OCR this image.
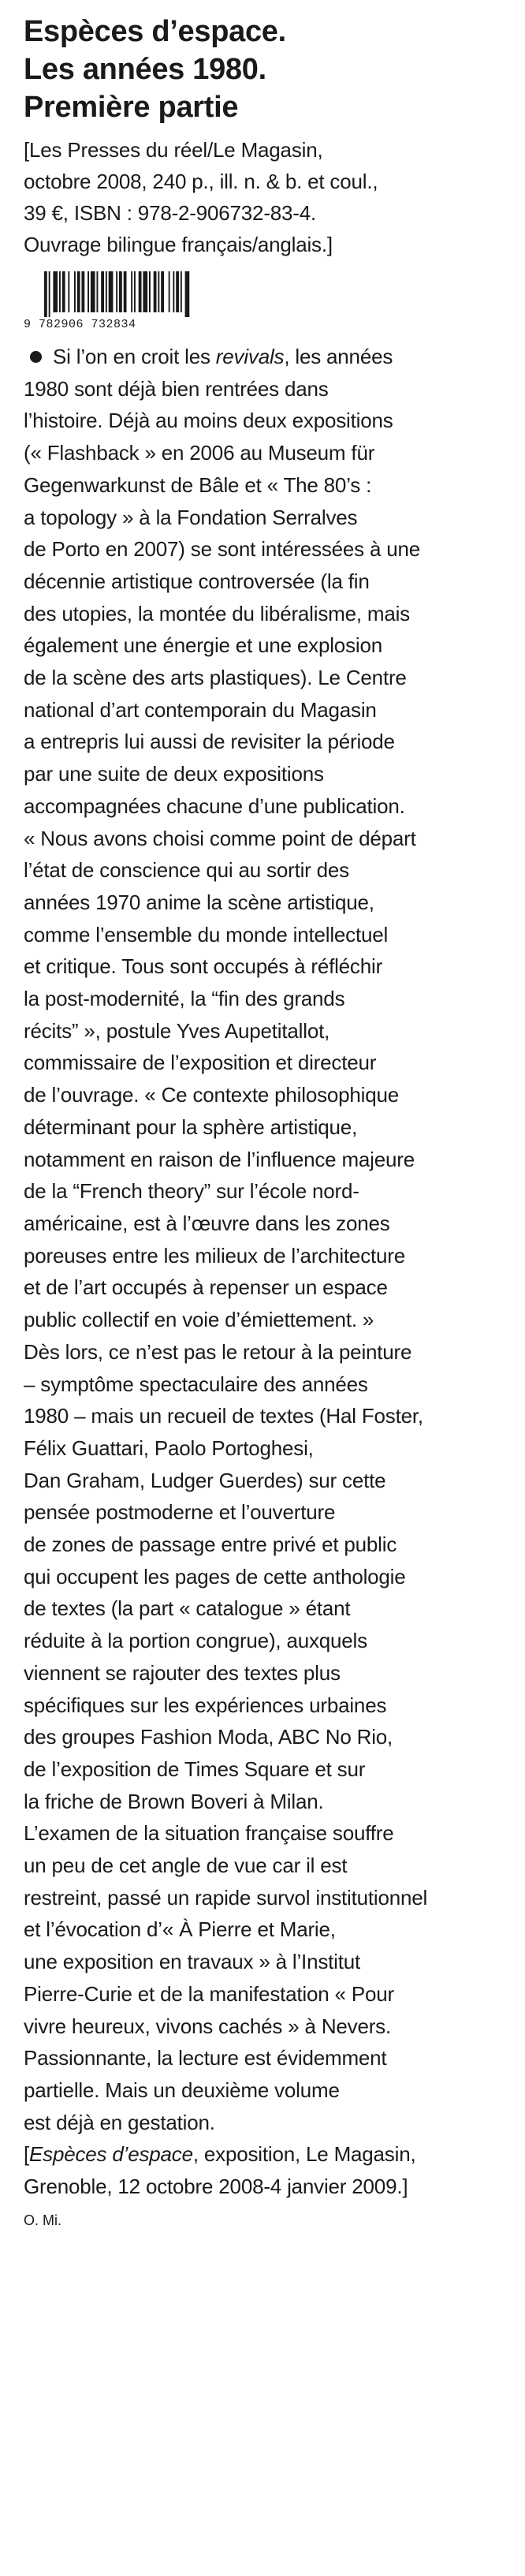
Espèces d’espace.
Les années 1980.
Première partie
[Les Presses du réel/Le Magasin,
octobre 2008, 240 p., ill. n. & b. et coul.,
39 €, ISBN : 978-2-906732-83-4.
Ouvrage bilingue français/anglais.]
9 782906 732834
Si l’on en croit les revivals, les années
1980 sont déjà bien rentrées dans
l’histoire. Déjà au moins deux expositions
(« Flashback » en 2006 au Museum für
Gegenwarkunst de Bâle et « The 80’s :
a topology » à la Fondation Serralves
de Porto en 2007) se sont intéressées à une
décennie artistique controversée (la fin
des utopies, la montée du libéralisme, mais
également une énergie et une explosion
de la scène des arts plastiques). Le Centre
national d’art contemporain du Magasin
a entrepris lui aussi de revisiter la période
par une suite de deux expositions
accompagnées chacune d’une publication.
« Nous avons choisi comme point de départ
l’état de conscience qui au sortir des
années 1970 anime la scène artistique,
comme l’ensemble du monde intellectuel
et critique. Tous sont occupés à réfléchir
la post-modernité, la “fin des grands
récits” », postule Yves Aupetitallot,
commissaire de l’exposition et directeur
de l’ouvrage. « Ce contexte philosophique
déterminant pour la sphère artistique,
notamment en raison de l’influence majeure
de la “French theory” sur l’école nord-
américaine, est à l’œuvre dans les zones
poreuses entre les milieux de l’architecture
et de l’art occupés à repenser un espace
public collectif en voie d’émiettement. »
Dès lors, ce n’est pas le retour à la peinture
– symptôme spectaculaire des années
1980 – mais un recueil de textes (Hal Foster,
Félix Guattari, Paolo Portoghesi,
Dan Graham, Ludger Guerdes) sur cette
pensée postmoderne et l’ouverture
de zones de passage entre privé et public
qui occupent les pages de cette anthologie
de textes (la part « catalogue » étant
réduite à la portion congrue), auxquels
viennent se rajouter des textes plus
spécifiques sur les expériences urbaines
des groupes Fashion Moda, ABC No Rio,
de l’exposition de Times Square et sur
la friche de Brown Boveri à Milan.
L’examen de la situation française souffre
un peu de cet angle de vue car il est
restreint, passé un rapide survol institutionnel
et l’évocation d’« À Pierre et Marie,
une exposition en travaux » à l’Institut
Pierre-Curie et de la manifestation « Pour
vivre heureux, vivons cachés » à Nevers.
Passionnante, la lecture est évidemment
partielle. Mais un deuxième volume
est déjà en gestation.
[Espèces d’espace, exposition, Le Magasin,
Grenoble, 12 octobre 2008-4 janvier 2009.]
O. Mi.
